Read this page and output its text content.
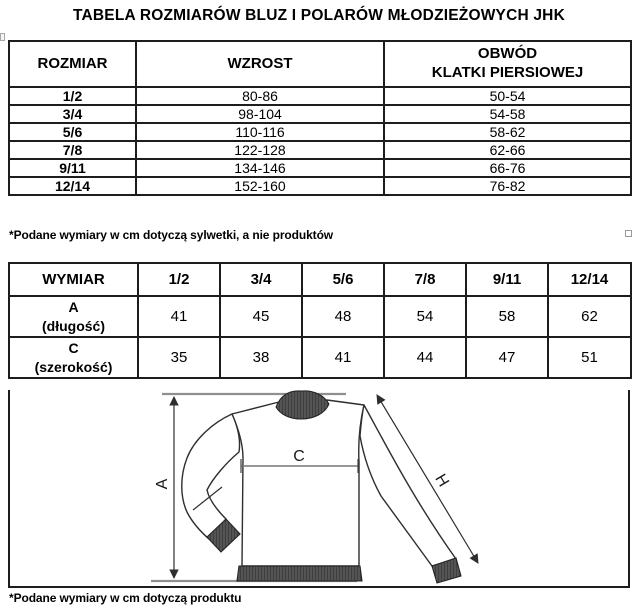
TABELA ROZMIARÓW BLUZ I POLARÓW MŁODZIEŻOWYCH JHK
ROZMIAR	WZROST	OBWÓD
KLATKI PIERSIOWEJ

1/2	80-86	50-54
3/4	98-104	54-58
5/6	110-116	58-62
7/8	122-128	62-66
9/11	134-146	66-76
12/14	152-160	76-82
*Podane wymiary w cm dotyczą sylwetki, a nie produktów
WYMIAR	1/2	3/4	5/6	7/8	9/11	12/14

A
(długość)	41	45	48	54	58	62

C
(szerokość)	35	38	41	44	47	51
A
C
H
*Podane wymiary w cm dotyczą produktu
